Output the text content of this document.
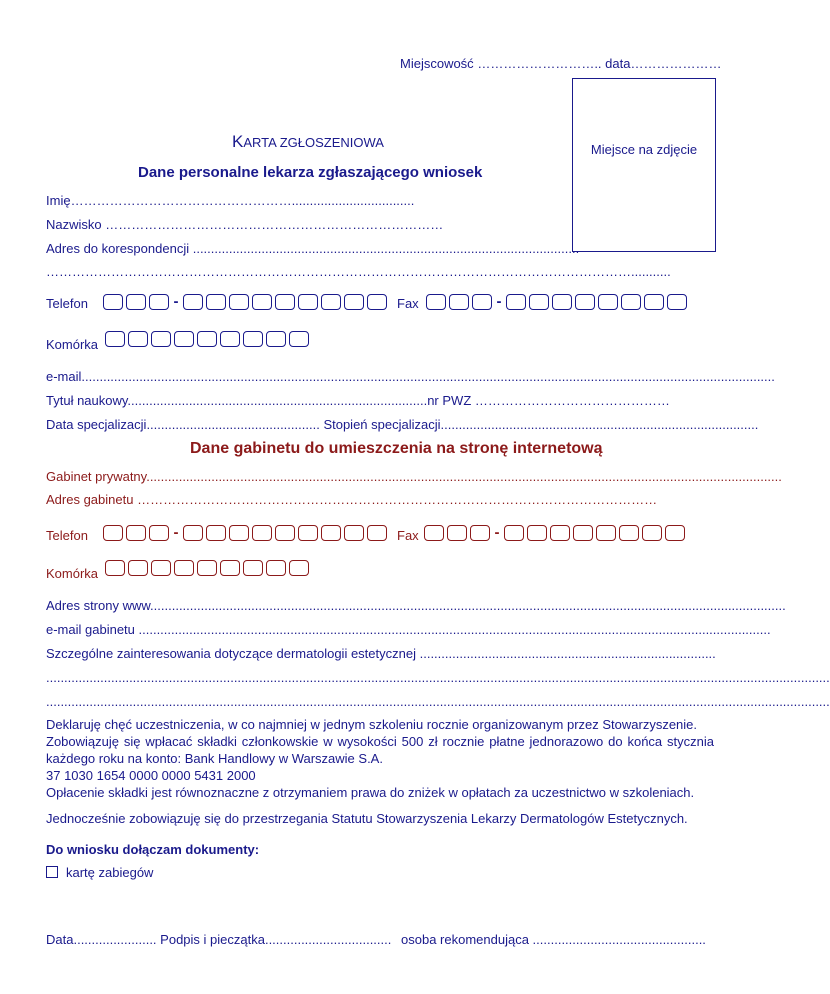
Miejscowość ……………………….. data…………………
Miejsce na zdjęcie
KARTA ZGŁOSZENIOWA
Dane personalne lekarza zgłaszającego wniosek
Imię……………………………………………..................................
Nazwisko ……………………………………………………………………
Adres do korespondencji ...........................................................................................................
………………………………………………………………………………………………………………………...........
Telefon	-	Fax	-
Komórka
e-mail................................................................................................................................................................................................
Tytuł naukowy...................................................................................nr PWZ ………………………………………
Data specjalizacji................................................ Stopień specjalizacji........................................................................................
Dane gabinetu do umieszczenia na stronę internetową
Gabinet prywatny................................................................................................................................................................................
Adres gabinetu …………………………………………………………………………………………………………
Telefon	-	Fax	-
Komórka
Adres strony www................................................................................................................................................................................
e-mail gabinetu ...............................................................................................................................................................................
Szczególne zainteresowania dotyczące dermatologii estetycznej ..................................................................................
.........................................................................................................................................................................................................................
.........................................................................................................................................................................................................................
Deklaruję chęć uczestniczenia, w co najmniej w jednym szkoleniu rocznie organizowanym przez Stowarzyszenie.
Zobowiązuję się wpłacać składki członkowskie w wysokości 500 zł rocznie płatne jednorazowo do końca stycznia
każdego roku na konto: Bank Handlowy w Warszawie S.A.
37 1030 1654 0000 0000 5431 2000
Opłacenie składki jest równoznaczne z otrzymaniem prawa do zniżek w opłatach za uczestnictwo w szkoleniach.
Jednocześnie zobowiązuję się do przestrzegania Statutu Stowarzyszenia Lekarzy Dermatologów Estetycznych.
Do wniosku dołączam dokumenty:
kartę zabiegów
Data....................... Podpis i pieczątka................................... osoba rekomendująca ................................................
